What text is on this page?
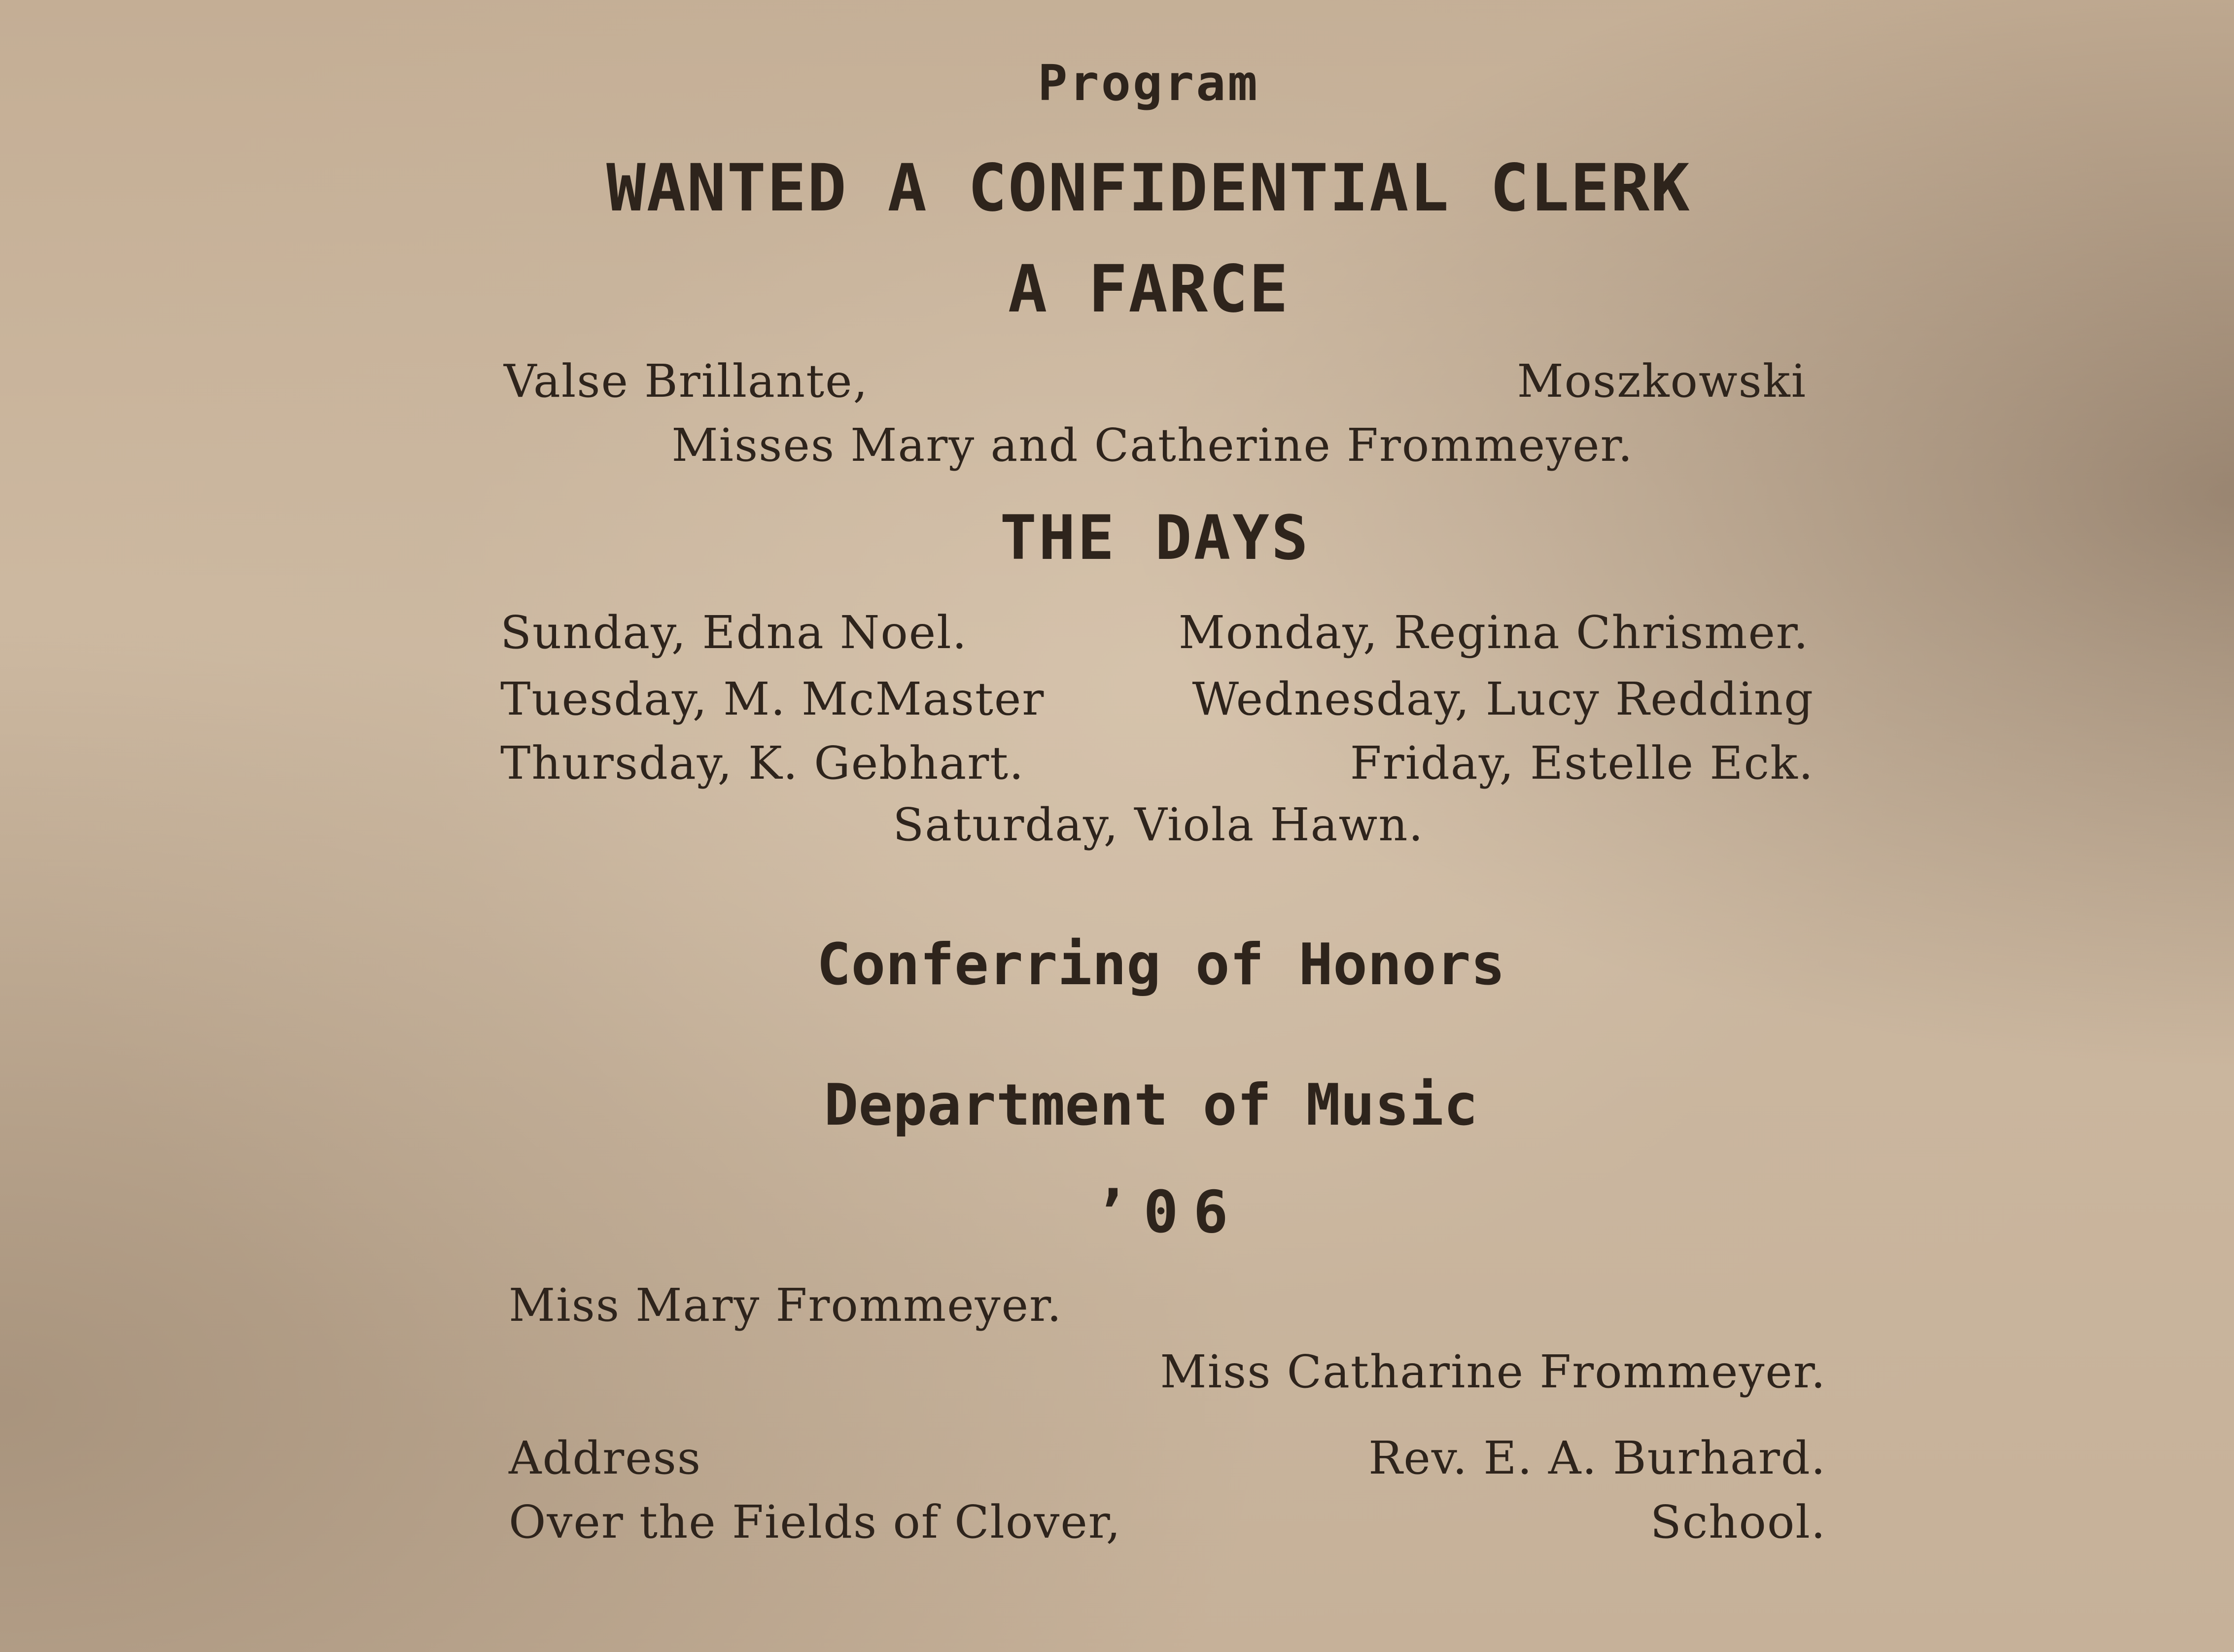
Program
WANTED A CONFIDENTIAL CLERK
A FARCE
Valse Brillante,	Moszkowski
Misses Mary and Catherine Frommeyer.
THE DAYS
Sunday, Edna Noel.	Monday, Regina Chrismer.
Tuesday, M. McMaster	Wednesday, Lucy Redding
Thursday, K. Gebhart.	Friday, Estelle Eck.
Saturday, Viola Hawn.
Conferring of Honors
Department of Music
’06
Miss Mary Frommeyer.
Miss Catharine Frommeyer.
Address	Rev. E. A. Burhard.
Over the Fields of Clover,	School.
